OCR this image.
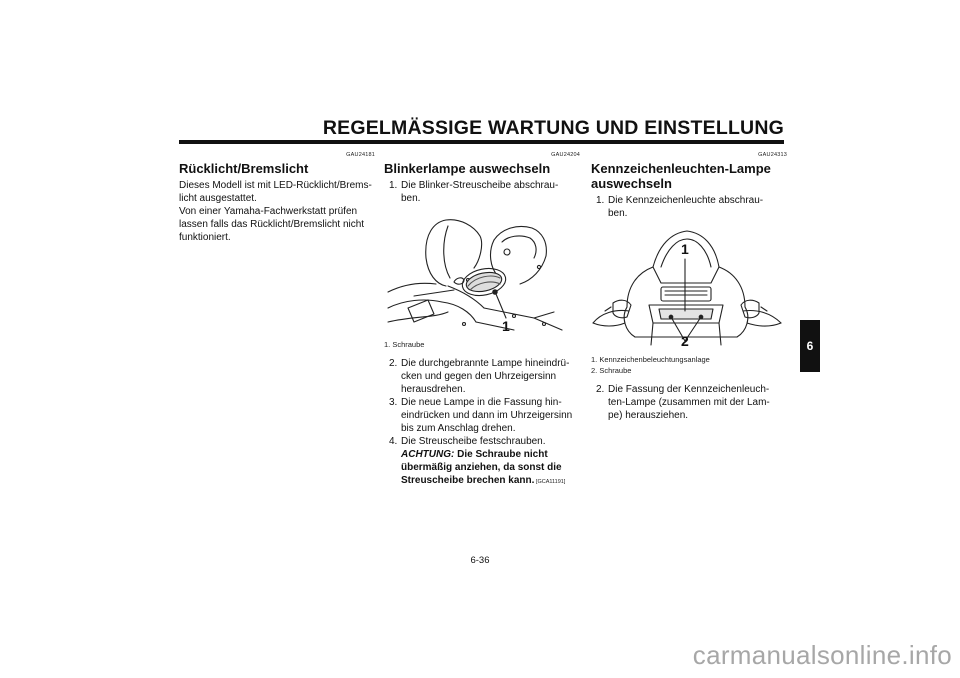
REGELMÄSSIGE WARTUNG UND EINSTELLUNG
GAU24181
Rücklicht/Bremslicht

Dieses Modell ist mit LED-Rücklicht/Brems-
licht ausgestattet.
Von einer Yamaha-Fachwerkstatt prüfen
lassen falls das Rücklicht/Bremslicht nicht
funktioniert.

GAU24204
Blinkerlampe auswechseln
1. Die Blinker-Streuscheibe abschrau-
ben.
1
1. Schraube
2. Die durchgebrannte Lampe hineindrü-
cken und gegen den Uhrzeigersinn
herausdrehen.
3. Die neue Lampe in die Fassung hin-
eindrücken und dann im Uhrzeigersinn
bis zum Anschlag drehen.
4. Die Streuscheibe festschrauben.
ACHTUNG: Die Schraube nicht
übermäßig anziehen, da sonst die
Streuscheibe brechen kann. [GCA11191]
GAU24313
Kennzeichenleuchten-Lampe
auswechseln
1. Die Kennzeichenleuchte abschrau-
ben.
1
2
1. Kennzeichenbeleuchtungsanlage
2. Schraube
2. Die Fassung der Kennzeichenleuch-
ten-Lampe (zusammen mit der Lam-
pe) herausziehen.
6-36
6
carmanualsonline.info
